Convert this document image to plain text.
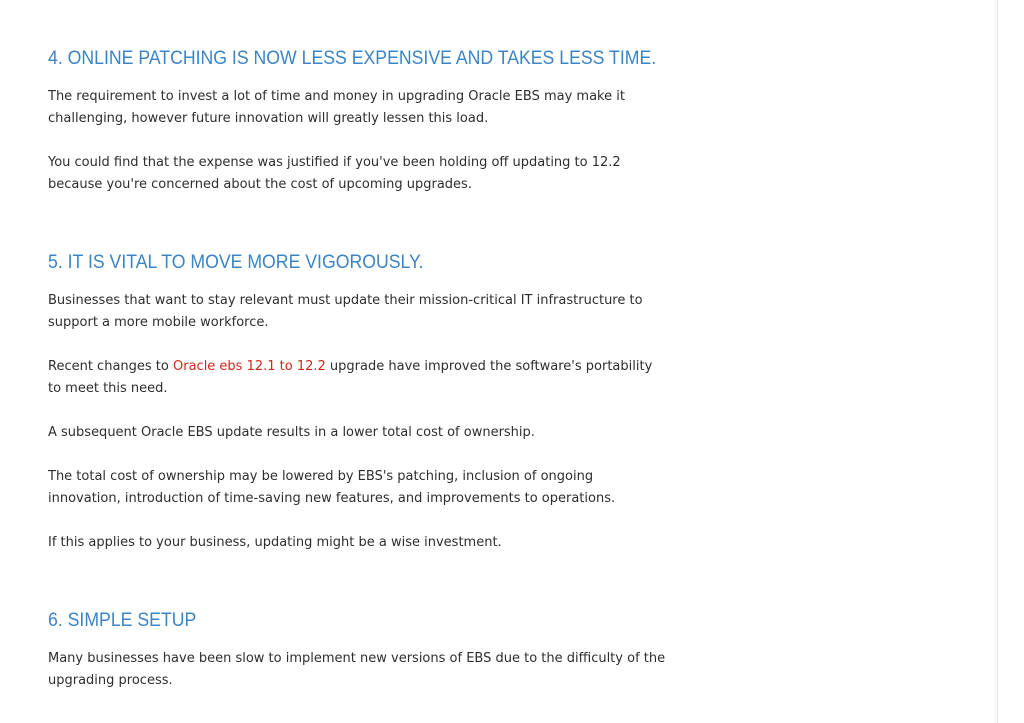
4. ONLINE PATCHING IS NOW LESS EXPENSIVE AND TAKES LESS TIME.

The requirement to invest a lot of time and money in upgrading Oracle EBS may make it challenging, however future innovation will greatly lessen this load.

You could find that the expense was justified if you've been holding off updating to 12.2 because you're concerned about the cost of upcoming upgrades.

5. IT IS VITAL TO MOVE MORE VIGOROUSLY.

Businesses that want to stay relevant must update their mission-critical IT infrastructure to support a more mobile workforce.

Recent changes to Oracle ebs 12.1 to 12.2 upgrade have improved the software's portability to meet this need.

A subsequent Oracle EBS update results in a lower total cost of ownership.

The total cost of ownership may be lowered by EBS's patching, inclusion of ongoing innovation, introduction of time-saving new features, and improvements to operations.

If this applies to your business, updating might be a wise investment.

6. SIMPLE SETUP

Many businesses have been slow to implement new versions of EBS due to the difficulty of the upgrading process.
